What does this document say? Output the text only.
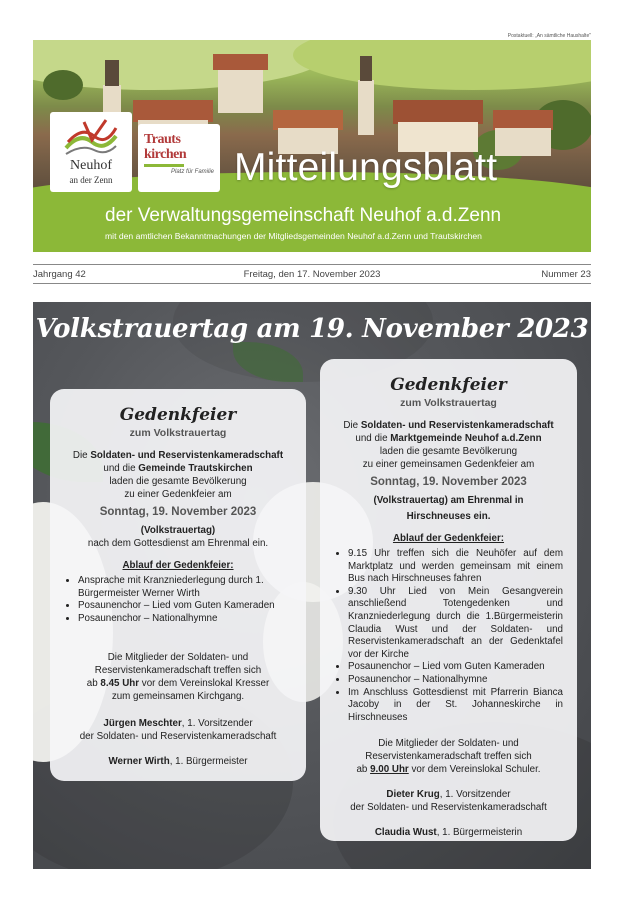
Postaktuell: „An sämtliche Haushalte"
Neuhof
an der Zenn
Trauts
kirchen
Platz für Familie Mitteilungsblatt
der Verwaltungsgemeinschaft Neuhof a.d.Zenn
mit den amtlichen Bekanntmachungen der Mitgliedsgemeinden Neuhof a.d.Zenn und Trautskirchen
Jahrgang 42	Freitag, den 17. November 2023	Nummer 23
Volkstrauertag am 19. November 2023
Gedenkfeier
zum Volkstrauertag

Die Soldaten- und Reservistenkameradschaft

und die Gemeinde Trautskirchen

laden die gesamte Bevölkerung

zu einer Gedenkfeier am

Sonntag, 19. November 2023

(Volkstrauertag)

nach dem Gottesdienst am Ehrenmal ein.

Ablauf der Gedenkfeier:
• Ansprache mit Kranzniederlegung durch 1. Bürgermeister Werner Wirth
• Posaunenchor – Lied vom Guten Kameraden
• Posaunenchor – Nationalhymne

Die Mitglieder der Soldaten- und

Reservistenkameradschaft treffen sich

ab 8.45 Uhr vor dem Vereinslokal Kresser

zum gemeinsamen Kirchgang.

Jürgen Meschter, 1. Vorsitzender

der Soldaten- und Reservistenkameradschaft

Werner Wirth, 1. Bürgermeister

Gedenkfeier
zum Volkstrauertag

Die Soldaten- und Reservistenkameradschaft

und die Marktgemeinde Neuhof a.d.Zenn

laden die gesamte Bevölkerung

zu einer gemeinsamen Gedenkfeier am

Sonntag, 19. November 2023

(Volkstrauertag) am Ehrenmal in

Hirschneuses ein.

Ablauf der Gedenkfeier:
• 9.15 Uhr treffen sich die Neuhöfer auf dem Marktplatz und werden gemeinsam mit einem Bus nach Hirschneuses fahren
• 9.30 Uhr Lied von Mein Gesangverein anschließend Totengedenken und Kranzniederlegung durch die 1.Bürgermeisterin Claudia Wust und der Soldaten- und Reservistenkameradschaft an der Gedenktafel vor der Kirche
• Posaunenchor – Lied vom Guten Kameraden
• Posaunenchor – Nationalhymne
• Im Anschluss Gottesdienst mit Pfarrerin Bianca Jacoby in der St. Johanneskirche in Hirschneuses

Die Mitglieder der Soldaten- und

Reservistenkameradschaft treffen sich

ab 9.00 Uhr vor dem Vereinslokal Schuler.

Dieter Krug, 1. Vorsitzender

der Soldaten- und Reservistenkameradschaft

Claudia Wust, 1. Bürgermeisterin
